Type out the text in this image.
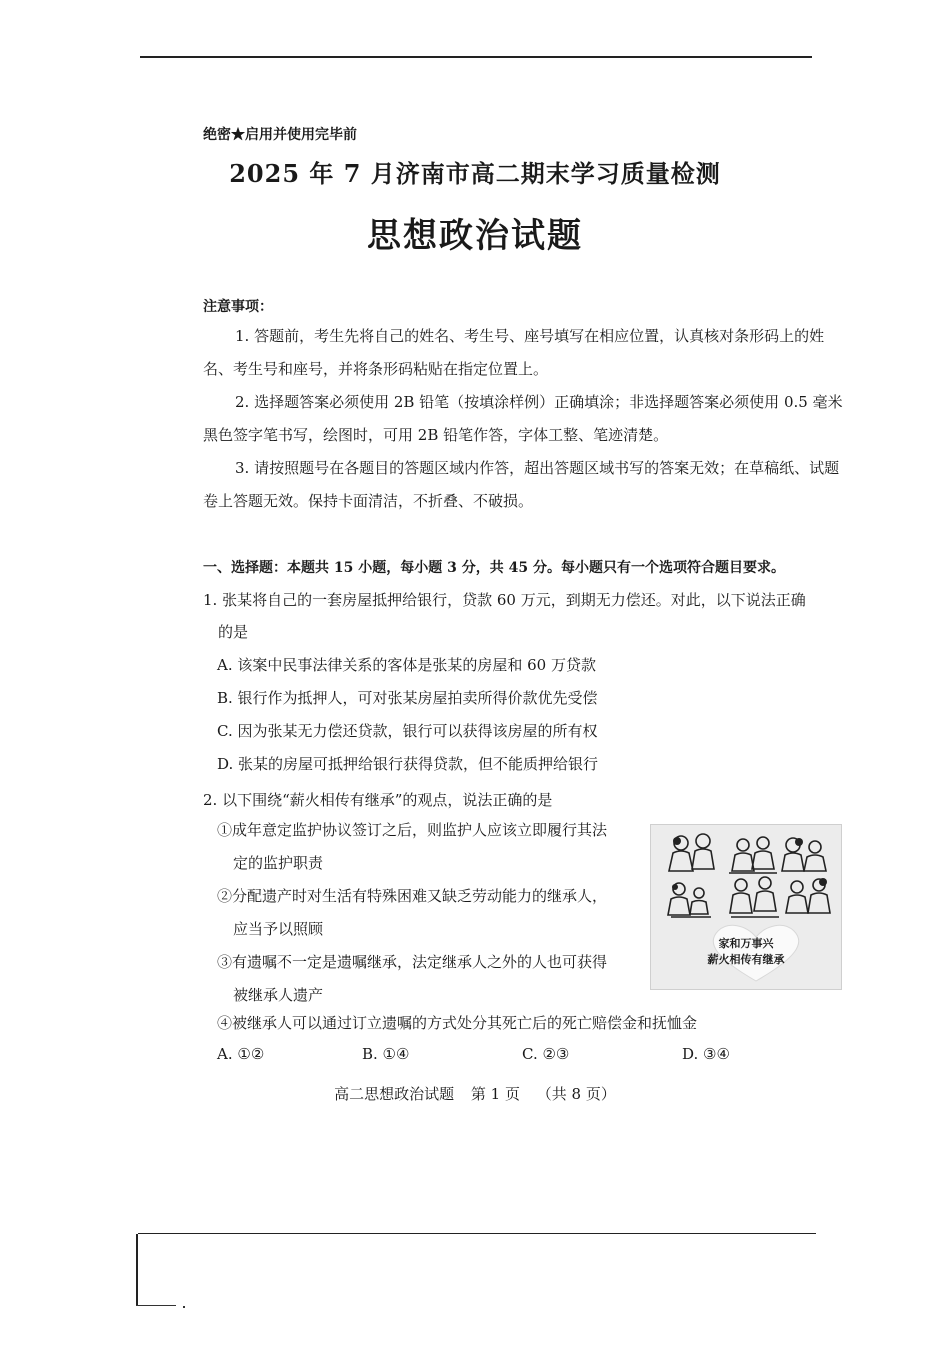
绝密★启用并使用完毕前
2025 年 7 月济南市高二期末学习质量检测
思想政治试题
注意事项：
1. 答题前，考生先将自己的姓名、考生号、座号填写在相应位置，认真核对条形码上的姓名、考生号和座号，并将条形码粘贴在指定位置上。
2. 选择题答案必须使用 2B 铅笔（按填涂样例）正确填涂；非选择题答案必须使用 0.5 毫米黑色签字笔书写，绘图时，可用 2B 铅笔作答，字体工整、笔迹清楚。
3. 请按照题号在各题目的答题区域内作答，超出答题区域书写的答案无效；在草稿纸、试题卷上答题无效。保持卡面清洁，不折叠、不破损。
一、选择题：本题共 15 小题，每小题 3 分，共 45 分。每小题只有一个选项符合题目要求。
1. 张某将自己的一套房屋抵押给银行，贷款 60 万元，到期无力偿还。对此，以下说法正确
的是
A. 该案中民事法律关系的客体是张某的房屋和 60 万贷款
B. 银行作为抵押人，可对张某房屋拍卖所得价款优先受偿
C. 因为张某无力偿还贷款，银行可以获得该房屋的所有权
D. 张某的房屋可抵押给银行获得贷款，但不能质押给银行
2. 以下围绕“薪火相传有继承”的观点，说法正确的是
①成年意定监护协议签订之后，则监护人应该立即履行其法
定的监护职责
②分配遗产时对生活有特殊困难又缺乏劳动能力的继承人，
应当予以照顾
③有遗嘱不一定是遗嘱继承，法定继承人之外的人也可获得
被继承人遗产
④被继承人可以通过订立遗嘱的方式处分其死亡后的死亡赔偿金和抚恤金
A. ①②	B. ①④	C. ②③	D. ③④
家和万事兴
薪火相传有继承
高二思想政治试题 第 1 页 （共 8 页）
